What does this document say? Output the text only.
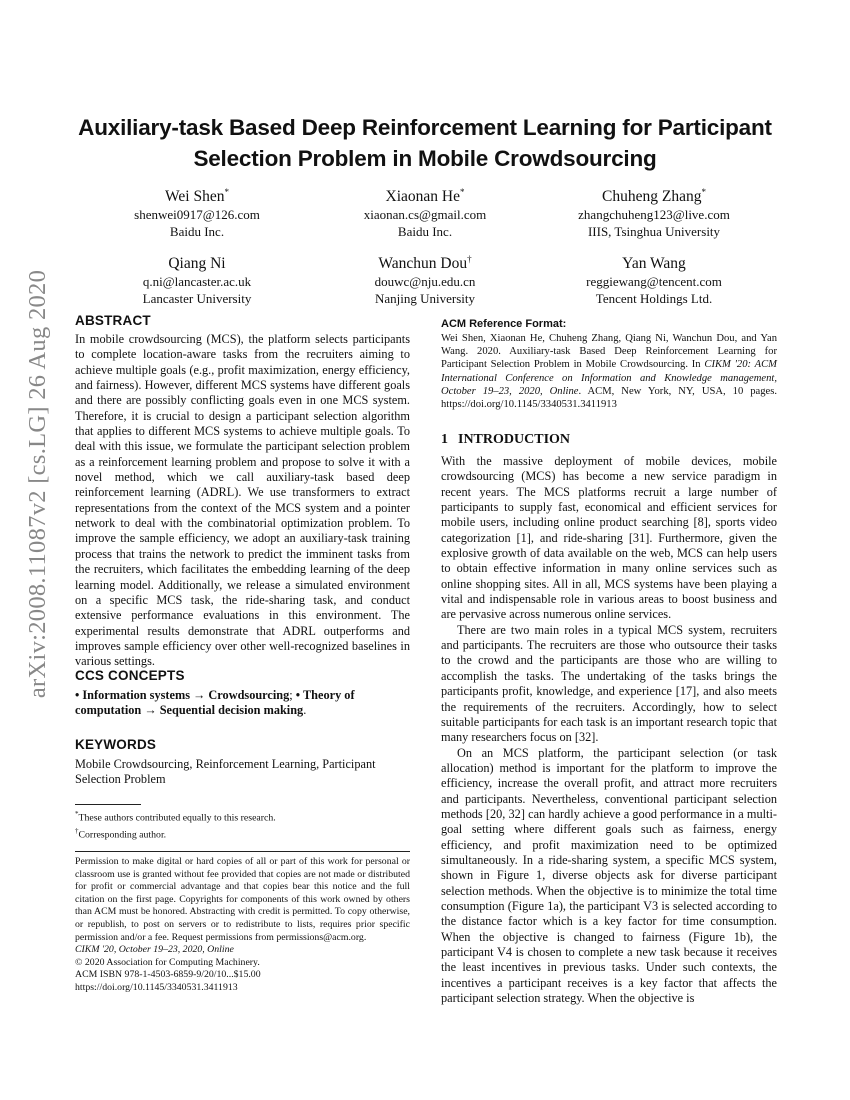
arXiv:2008.11087v2 [cs.LG] 26 Aug 2020
Auxiliary-task Based Deep Reinforcement Learning for Participant Selection Problem in Mobile Crowdsourcing
Wei Shen*
shenwei0917@126.com
Baidu Inc.
Xiaonan He*
xiaonan.cs@gmail.com
Baidu Inc.
Chuheng Zhang*
zhangchuheng123@live.com
IIIS, Tsinghua University
Qiang Ni
q.ni@lancaster.ac.uk
Lancaster University
Wanchun Dou†
douwc@nju.edu.cn
Nanjing University
Yan Wang
reggiewang@tencent.com
Tencent Holdings Ltd.
ABSTRACT

In mobile crowdsourcing (MCS), the platform selects participants to complete location-aware tasks from the recruiters aiming to achieve multiple goals (e.g., profit maximization, energy efficiency, and fairness). However, different MCS systems have different goals and there are possibly conflicting goals even in one MCS system. Therefore, it is crucial to design a participant selection algorithm that applies to different MCS systems to achieve multiple goals. To deal with this issue, we formulate the participant selection problem as a reinforcement learning problem and propose to solve it with a novel method, which we call auxiliary-task based deep reinforcement learning (ADRL). We use transformers to extract representations from the context of the MCS system and a pointer network to deal with the combinatorial optimization problem. To improve the sample efficiency, we adopt an auxiliary-task training process that trains the network to predict the imminent tasks from the recruiters, which facilitates the embedding learning of the deep learning model. Additionally, we release a simulated environment on a specific MCS task, the ride-sharing task, and conduct extensive performance evaluations in this environment. The experimental results demonstrate that ADRL outperforms and improves sample efficiency over other well-recognized baselines in various settings.

CCS CONCEPTS
• Information systems → Crowdsourcing; • Theory of computation → Sequential decision making.
KEYWORDS
Mobile Crowdsourcing, Reinforcement Learning, Participant Selection Problem
*These authors contributed equally to this research.
†Corresponding author.

Permission to make digital or hard copies of all or part of this work for personal or classroom use is granted without fee provided that copies are not made or distributed for profit or commercial advantage and that copies bear this notice and the full citation on the first page. Copyrights for components of this work owned by others than ACM must be honored. Abstracting with credit is permitted. To copy otherwise, or republish, to post on servers or to redistribute to lists, requires prior specific permission and/or a fee. Request permissions from permissions@acm.org.

CIKM '20, October 19–23, 2020, Online

© 2020 Association for Computing Machinery.

ACM ISBN 978-1-4503-6859-9/20/10...$15.00

https://doi.org/10.1145/3340531.3411913

ACM Reference Format:
Wei Shen, Xiaonan He, Chuheng Zhang, Qiang Ni, Wanchun Dou, and Yan Wang. 2020. Auxiliary-task Based Deep Reinforcement Learning for Participant Selection Problem in Mobile Crowdsourcing. In CIKM '20: ACM International Conference on Information and Knowledge management, October 19–23, 2020, Online. ACM, New York, NY, USA, 10 pages. https://doi.org/10.1145/3340531.3411913
1 INTRODUCTION

With the massive deployment of mobile devices, mobile crowdsourcing (MCS) has become a new service paradigm in recent years. The MCS platforms recruit a large number of participants to supply fast, economical and efficient services for mobile users, including online product searching [8], sports video categorization [1], and ride-sharing [31]. Furthermore, given the explosive growth of data available on the web, MCS can help users to obtain effective information in many online services such as online shopping sites. All in all, MCS systems have been playing a vital and indispensable role in various areas to boost business and are pervasive across numerous online services.

There are two main roles in a typical MCS system, recruiters and participants. The recruiters are those who outsource their tasks to the crowd and the participants are those who are willing to accomplish the tasks. The undertaking of the tasks brings the participants profit, knowledge, and experience [17], and also meets the requirements of the recruiters. Accordingly, how to select suitable participants for each task is an important research topic that many researchers focus on [32].

On an MCS platform, the participant selection (or task allocation) method is important for the platform to improve the efficiency, increase the overall profit, and attract more recruiters and participants. Nevertheless, conventional participant selection methods [20, 32] can hardly achieve a good performance in a multi-goal setting where different goals such as fairness, energy efficiency, and profit maximization need to be optimized simultaneously. In a ride-sharing system, a specific MCS system, shown in Figure 1, diverse objects ask for diverse participant selection methods. When the objective is to minimize the total time consumption (Figure 1a), the participant V3 is selected according to the distance factor which is a key factor for time consumption. When the objective is changed to fairness (Figure 1b), the participant V4 is chosen to complete a new task because it receives the least incentives in previous tasks. Under such contexts, the incentives a participant receives is a key factor that affects the participant selection strategy. When the objective is
